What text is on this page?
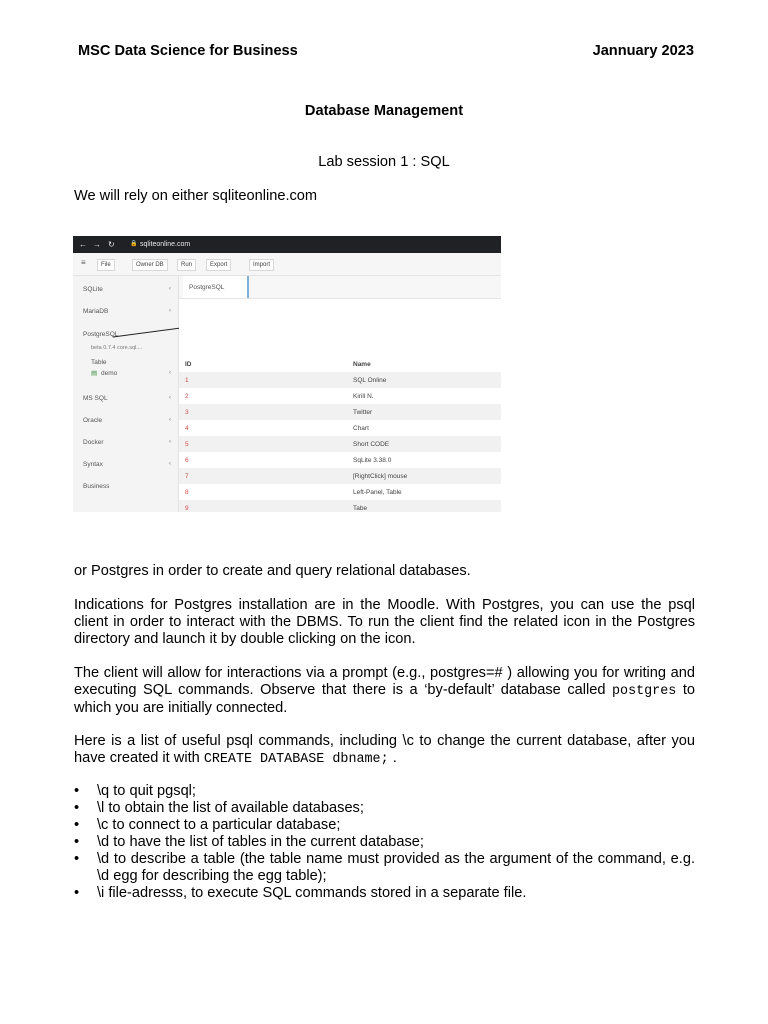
MSC Data Science for Business	Jannuary 2023
Database Management
Lab session 1 : SQL
We will rely on either sqliteonline.com
← → ↻	🔒 sqliteonline.com
≡	File	Owner DB	Run	Export	Import
SQLite	‹
MariaDB	‹
PostgreSQL
beta 0.7.4 core.sql....
Table
▤ demo	‹
MS SQL	‹
Oracle	‹
Docker	‹
Syntax	‹
Business
PostgreSQL
ID	Name
1	SQL Online
2	Kirill N.
3	Twitter
4	Chart
5	Short CODE
6	SqLite 3.38.0
7	[RightClick] mouse
8	Left-Panel, Table
9	Tabe
or Postgres in order to create and query relational databases.
Indications for Postgres installation are in the Moodle. With Postgres, you can use the psql client in order to interact with the DBMS. To run the client find the related icon in the Postgres directory and launch it by double clicking on the icon.
The client will allow for interactions via a prompt (e.g., postgres=# ) allowing you for writing and executing SQL commands. Observe that there is a ‘by-default’ database called postgres to which you are initially connected.
Here is a list of useful psql commands, including \c to change the current database, after you have created it with CREATE DATABASE dbname; .
• \q to quit pgsql;
• \l to obtain the list of available databases;
• \c to connect to a particular database;
• \d to have the list of tables in the current database;
• \d to describe a table (the table name must provided as the argument of the command, e.g. \d egg for describing the egg table);
• \i file-adresss, to execute SQL commands stored in a separate file.
